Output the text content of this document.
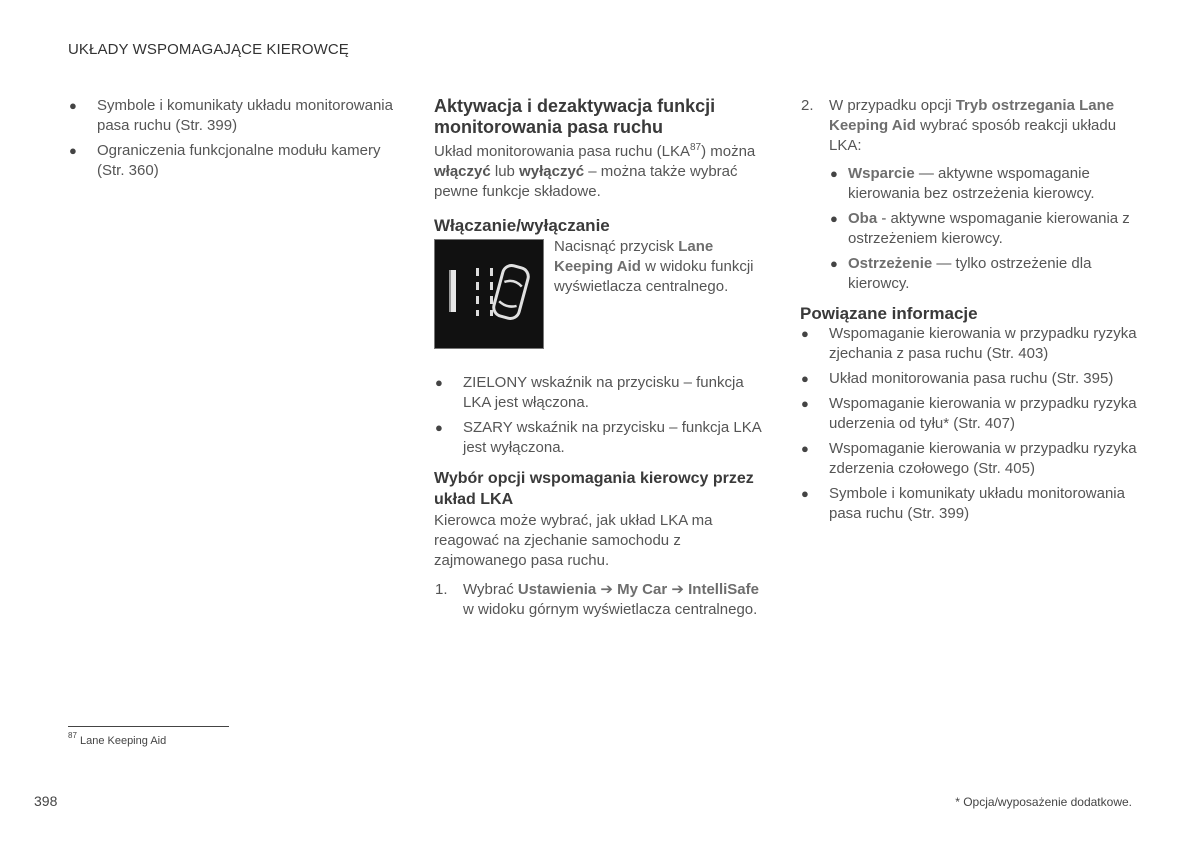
UKŁADY WSPOMAGAJĄCE KIEROWCĘ
● Symbole i komunikaty układu monitorowania pasa ruchu (Str. 399)
● Ograniczenia funkcjonalne modułu kamery (Str. 360)
Aktywacja i dezaktywacja funkcji monitorowania pasa ruchu

Układ monitorowania pasa ruchu (LKA$^{87}$) można włączyć lub wyłączyć – można także wybrać pewne funkcje składowe.

Włączanie/wyłączanie

Nacisnąć przycisk Lane Keeping Aid w widoku funkcji wyświetlacza centralnego.

● ZIELONY wskaźnik na przycisku – funkcja LKA jest włączona.
● SZARY wskaźnik na przycisku – funkcja LKA jest wyłączona.
Wybór opcji wspomagania kierowcy przez układ LKA

Kierowca może wybrać, jak układ LKA ma reagować na zjechanie samochodu z zajmowanego pasa ruchu.

1. Wybrać Ustawienia ➔ My Car ➔ IntelliSafe w widoku górnym wyświetlacza centralnego.
2. W przypadku opcji Tryb ostrzegania Lane Keeping Aid wybrać sposób reakcji układu LKA:
● Wsparcie — aktywne wspomaganie kierowania bez ostrzeżenia kierowcy.
● Oba - aktywne wspomaganie kierowania z ostrzeżeniem kierowcy.
● Ostrzeżenie — tylko ostrzeżenie dla kierowcy.
Powiązane informacje
● Wspomaganie kierowania w przypadku ryzyka zjechania z pasa ruchu (Str. 403)
● Układ monitorowania pasa ruchu (Str. 395)
● Wspomaganie kierowania w przypadku ryzyka uderzenia od tyłu* (Str. 407)
● Wspomaganie kierowania w przypadku ryzyka zderzenia czołowego (Str. 405)
● Symbole i komunikaty układu monitorowania pasa ruchu (Str. 399)
$^{87}$ Lane Keeping Aid
398	* Opcja/wyposażenie dodatkowe.
